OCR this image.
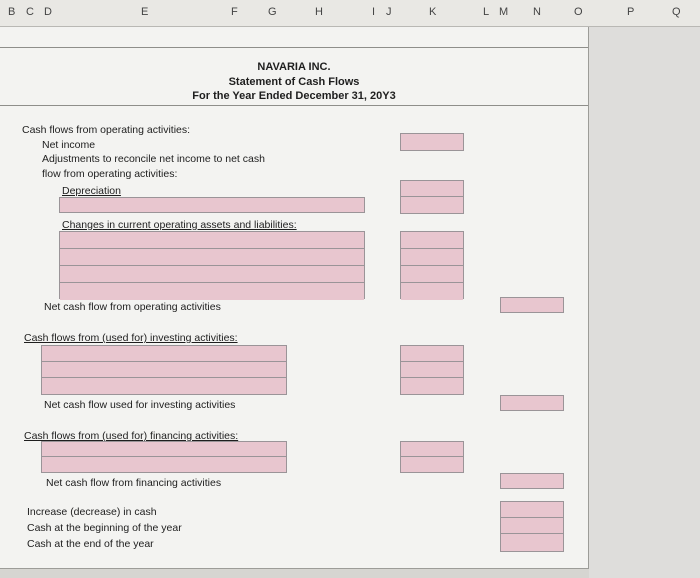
B C D	E	F	G	H	I J	K	L M N	O	P	Q
NAVARIA INC.
Statement of Cash Flows
For the Year Ended December 31, 20Y3
Cash flows from operating activities:
Net income
Adjustments to reconcile net income to net cash
flow from operating activities:
Depreciation
Changes in current operating assets and liabilities:
Net cash flow from operating activities
Cash flows from (used for) investing activities:
Net cash flow used for investing activities
Cash flows from (used for) financing activities:
Net cash flow from financing activities
Increase (decrease) in cash
Cash at the beginning of the year
Cash at the end of the year
